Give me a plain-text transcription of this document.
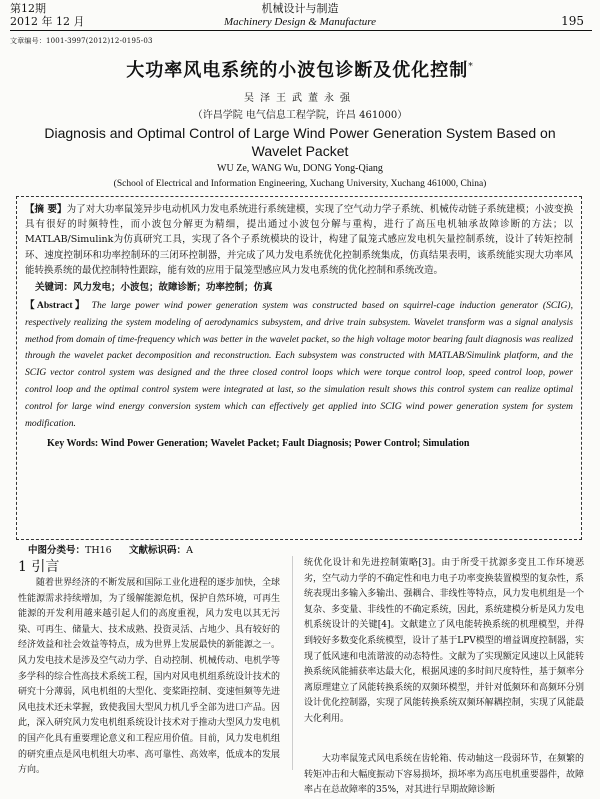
第12期
2012 年 12 月
机械设计与制造
Machinery Design & Manufacture	195
文章编号：1001-3997(2012)12-0195-03
大功率风电系统的小波包诊断及优化控制*
吴泽王武董永强
（许昌学院 电气信息工程学院，许昌 461000）
Diagnosis and Optimal Control of Large Wind Power Generation System Based on Wavelet Packet
WU Ze, WANG Wu, DONG Yong-Qiang
(School of Electrical and Information Engineering, Xuchang University, Xuchang 461000, China)

【摘 要】为了对大功率鼠笼异步电动机风力发电系统进行系统建模，实现了空气动力学子系统、机械传动链子系统建模；小波变换具有很好的时频特性，而小波包分解更为精细，提出通过小波包分解与重构，进行了高压电机轴承故障诊断的方法；以MATLAB/Simulink为仿真研究工具，实现了各个子系统模块的设计，构建了鼠笼式感应发电机矢量控制系统，设计了转矩控制环、速度控制环和功率控制环的三闭环控制器，并完成了风力发电系统优化控制系统集成，仿真结果表明，该系统能实现大功率风能转换系统的最优控制特性跟踪，能有效的应用于鼠笼型感应风力发电系统的优化控制和系统改造。

关键词：风力发电；小波包；故障诊断；功率控制；仿真

【Abstract】 The large power wind power generation system was constructed based on squirrel-cage induction generator (SCIG), respectively realizing the system modeling of aerodynamics subsystem, and drive train subsystem. Wavelet transform was a signal analysis method from domain of time-frequency which was better in the wavelet packet, so the high voltage motor bearing fault diagnosis was realized through the wavelet packet decomposition and reconstruction. Each subsystem was constructed with MATLAB/Simulink platform, and the SCIG vector control system was designed and the three closed control loops which were torque control loop, speed control loop, power control loop and the optimal control system were integrated at last, so the simulation result shows this control system can realize optimal control for large wind energy conversion system which can effectively get applied into SCIG wind power generation system for system modification.

Key Words: Wind Power Generation; Wavelet Packet; Fault Diagnosis; Power Control; Simulation
中图分类号：TH16 文献标识码：A
1 引言

随着世界经济的不断发展和国际工业化进程的逐步加快，全球性能源需求持续增加，为了缓解能源危机，保护自然环境，可再生能源的开发利用越来越引起人们的高度重视，风力发电以其无污染、可再生、储量大、技术成熟、投资灵活、占地少、具有较好的经济效益和社会效益等特点，成为世界上发展最快的新能源之一。风力发电技术是涉及空气动力学、自动控制、机械传动、电机学等多学科的综合性高技术系统工程，国内对风电机组系统设计技术的研究十分薄弱，风电机组的大型化、变桨距控制、变速恒频等先进风电技术还未掌握，致使我国大型风力机几乎全部为进口产品。因此，深入研究风力发电机组系统设计技术对于推动大型风力发电机的国产化具有重要理论意义和工程应用价值。目前，风力发电机组的研究重点是风电机组大功率、高可靠性、高效率，低成本的发展方向。

统优化设计和先进控制策略[3]。由于所受干扰源多变且工作环境恶劣，空气动力学的不确定性和电力电子功率变换装置模型的复杂性，系统表现出多输入多输出、强耦合、非线性等特点，风力发电机组是一个复杂、多变量、非线性的不确定系统，因此，系统建模分析是风力发电机系统设计的关键[4]。文献建立了风电能转换系统的机理模型，并得到较好多数变化系统模型，设计了基于LPV模型的增益调度控制器，实现了低风速和电流谐波的动态特性。文献为了实现额定风速以上风能转换系统风能捕获率达最大化，根据风速的多时间尺度特性，基于频率分离原理建立了风能转换系统的双频环模型，并针对低频环和高频环分别设计优化控制器，实现了风能转换系统双频环解耦控制，实现了风能最大化利用。

大功率鼠笼式风电系统在齿轮箱、传动轴这一段弱环节，在频繁的转矩冲击和大幅度振动下容易损坏，损坏率为高压电机重要器件，故障率占在总故障率的35%，对其进行早期故障诊断
